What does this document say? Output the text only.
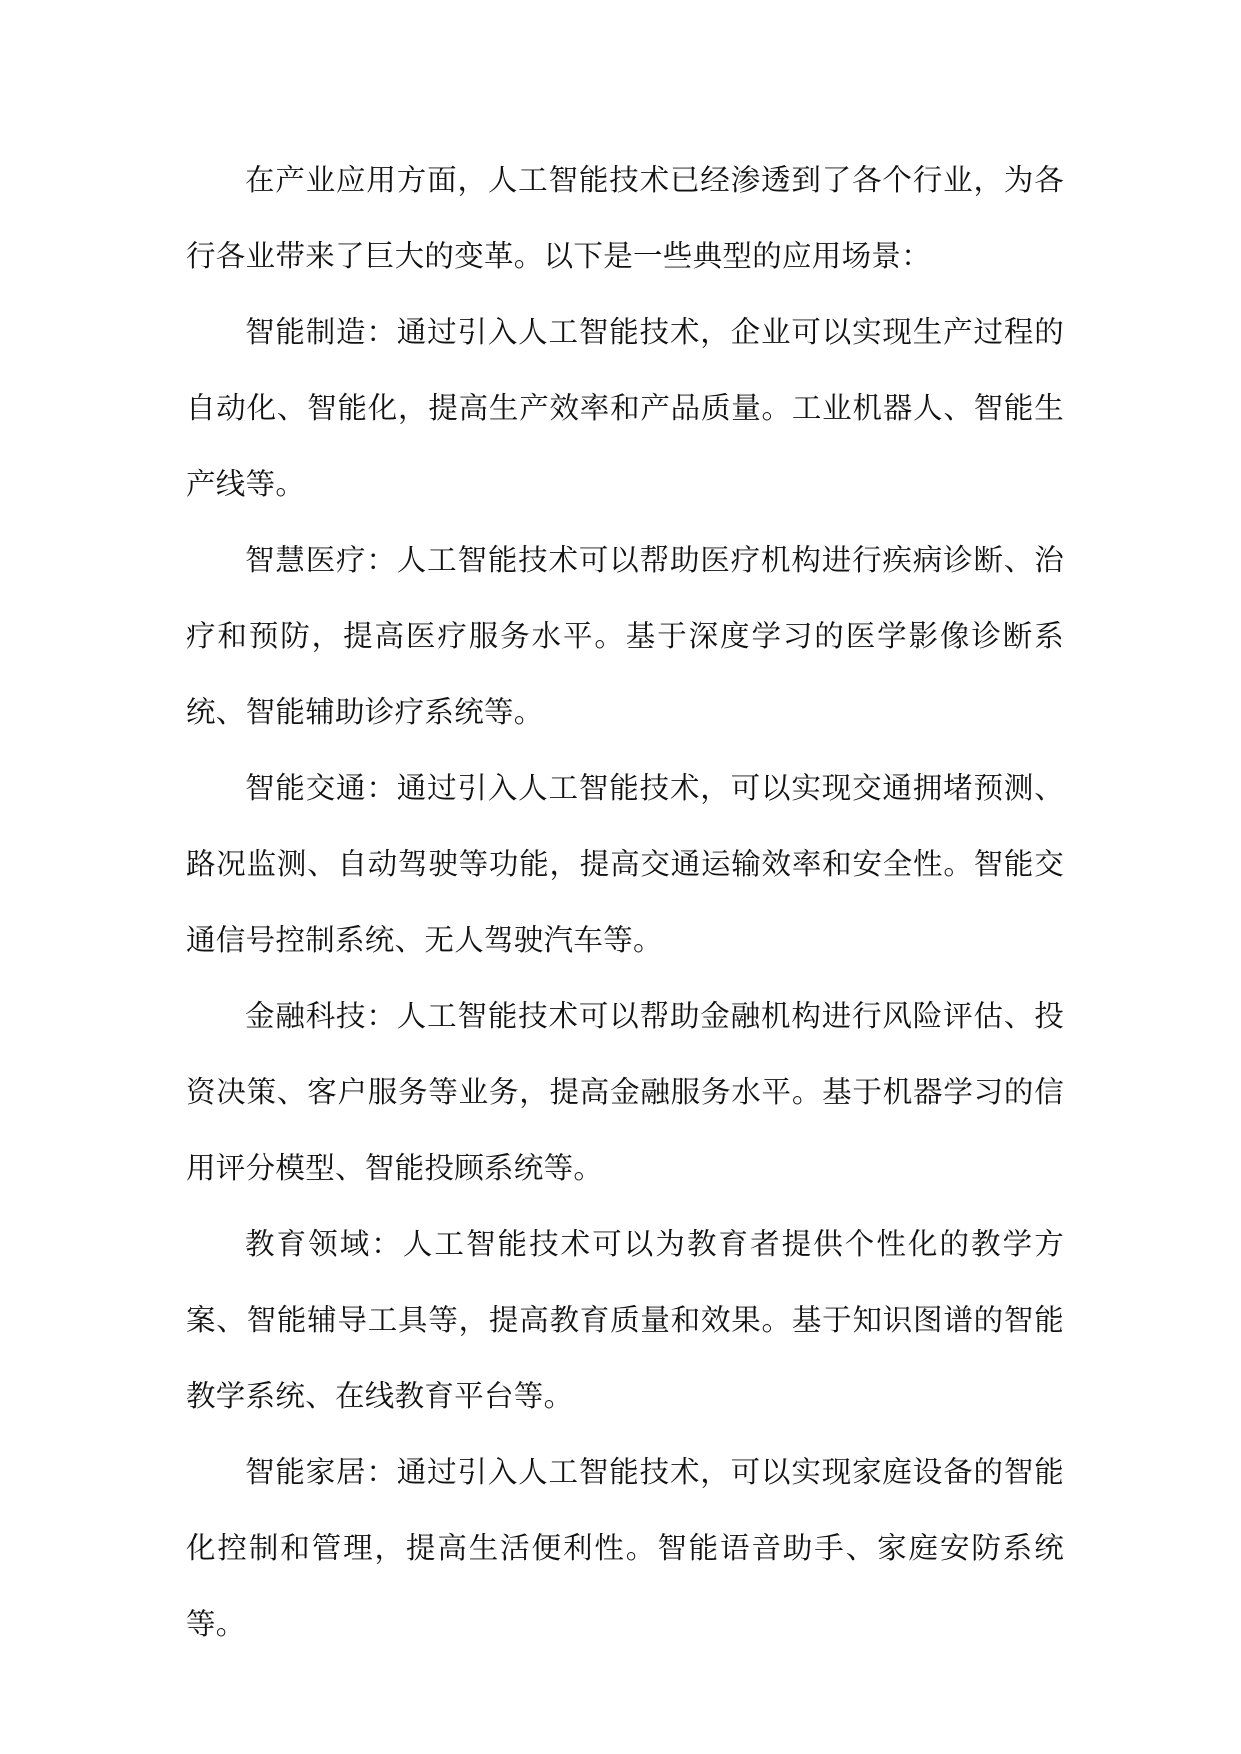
在产业应用方面，人工智能技术已经渗透到了各个行业，为各行各业带来了巨大的变革。以下是一些典型的应用场景：

智能制造：通过引入人工智能技术，企业可以实现生产过程的自动化、智能化，提高生产效率和产品质量。工业机器人、智能生产线等。

智慧医疗：人工智能技术可以帮助医疗机构进行疾病诊断、治疗和预防，提高医疗服务水平。基于深度学习的医学影像诊断系统、智能辅助诊疗系统等。

智能交通：通过引入人工智能技术，可以实现交通拥堵预测、路况监测、自动驾驶等功能，提高交通运输效率和安全性。智能交通信号控制系统、无人驾驶汽车等。

金融科技：人工智能技术可以帮助金融机构进行风险评估、投资决策、客户服务等业务，提高金融服务水平。基于机器学习的信用评分模型、智能投顾系统等。

教育领域：人工智能技术可以为教育者提供个性化的教学方案、智能辅导工具等，提高教育质量和效果。基于知识图谱的智能教学系统、在线教育平台等。

智能家居：通过引入人工智能技术，可以实现家庭设备的智能化控制和管理，提高生活便利性。智能语音助手、家庭安防系统等。
